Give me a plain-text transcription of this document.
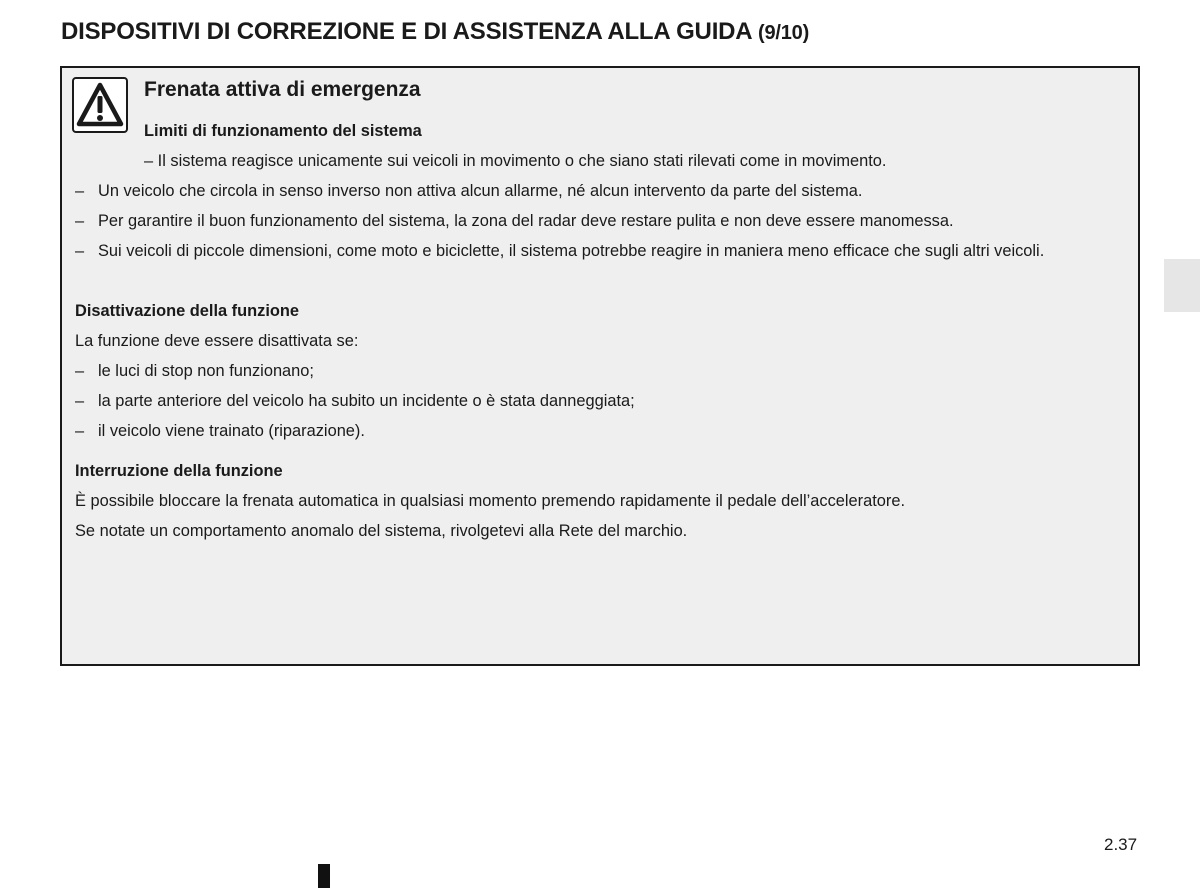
DISPOSITIVI DI CORREZIONE E DI ASSISTENZA ALLA GUIDA (9/10)
Frenata attiva di emergenza
Limiti di funzionamento del sistema
– Il sistema reagisce unicamente sui veicoli in movimento o che siano stati rilevati come in movimento.
– Un veicolo che circola in senso inverso non attiva alcun allarme, né alcun intervento da parte del sistema.
– Per garantire il buon funzionamento del sistema, la zona del radar deve restare pulita e non deve essere manomessa.
– Sui veicoli di piccole dimensioni, come moto e biciclette, il sistema potrebbe reagire in maniera meno efficace che sugli altri veicoli.
Disattivazione della funzione
La funzione deve essere disattivata se:
– le luci di stop non funzionano;
– la parte anteriore del veicolo ha subito un incidente o è stata danneggiata;
– il veicolo viene trainato (riparazione).
Interruzione della funzione
È possibile bloccare la frenata automatica in qualsiasi momento premendo rapidamente il pedale dell’acceleratore.
Se notate un comportamento anomalo del sistema, rivolgetevi alla Rete del marchio.
2.37
